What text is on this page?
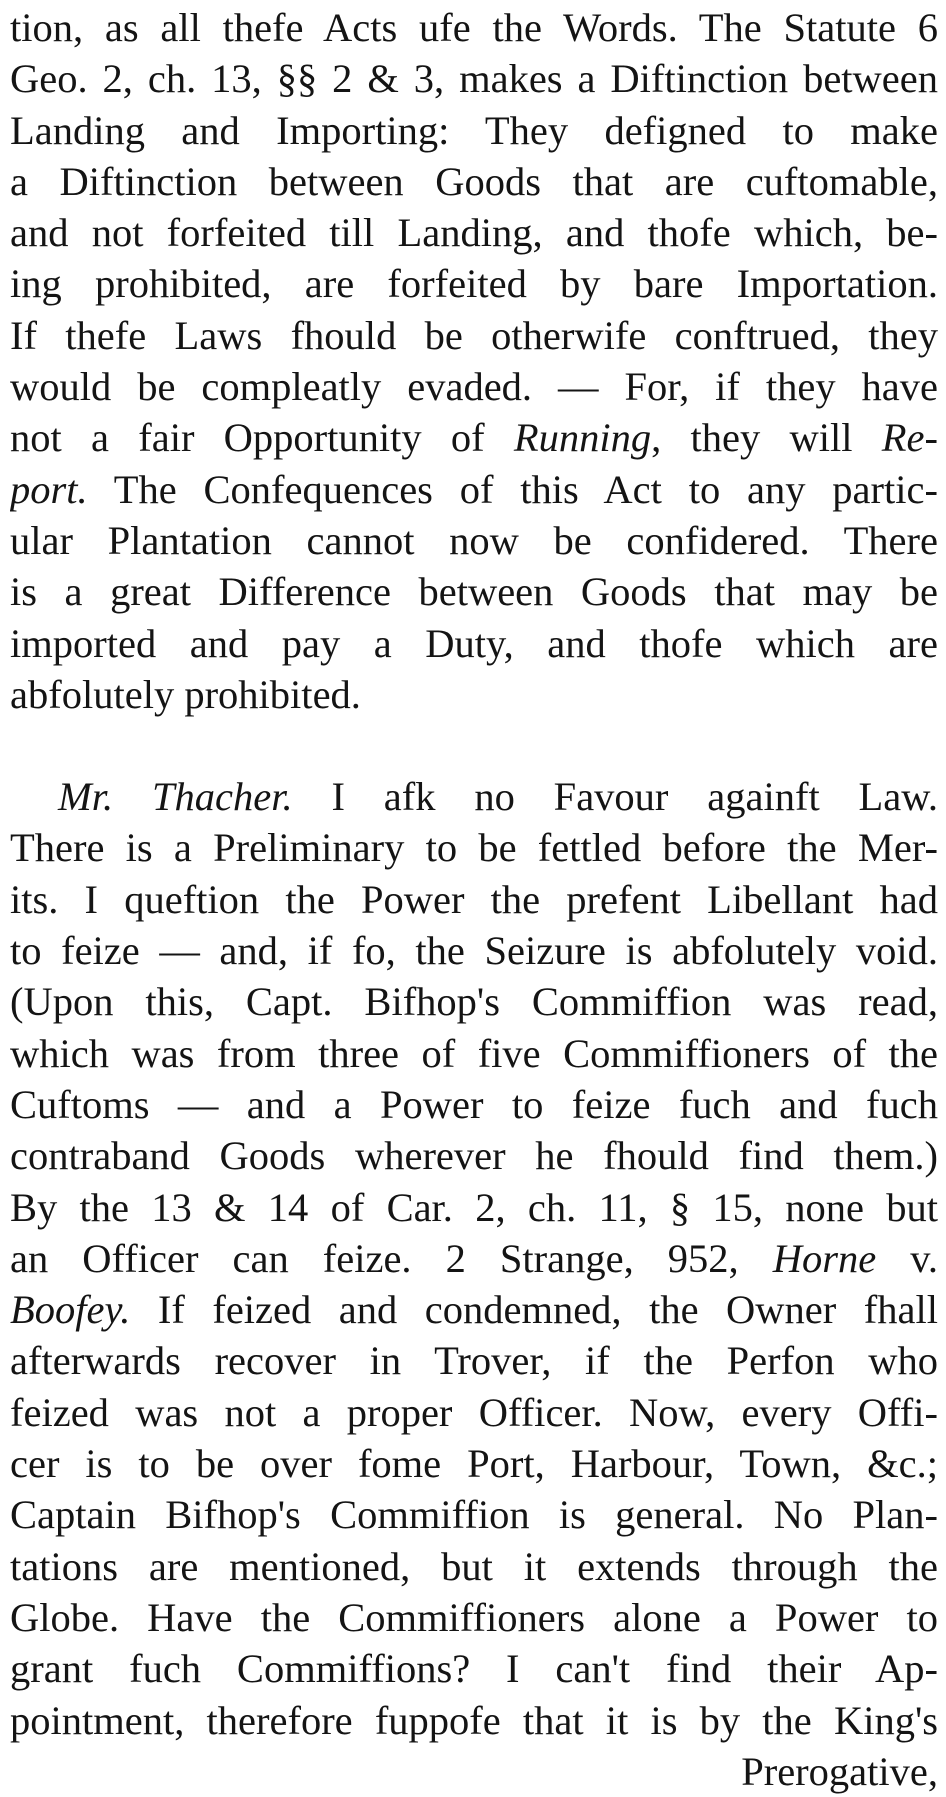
tion, as all thefe Acts ufe the Words. The Statute 6
Geo. 2, ch. 13, §§ 2 & 3, makes a Diftinction between
Landing and Importing: They defigned to make
a Diftinction between Goods that are cuftomable,
and not forfeited till Landing, and thofe which, be-
ing prohibited, are forfeited by bare Importation.
If thefe Laws fhould be otherwife conftrued, they
would be compleatly evaded. — For, if they have
not a fair Opportunity of Running, they will Re-
port. The Confequences of this Act to any partic-
ular Plantation cannot now be confidered. There
is a great Difference between Goods that may be
imported and pay a Duty, and thofe which are
abfolutely prohibited.
Mr. Thacher. I afk no Favour againft Law.
There is a Preliminary to be fettled before the Mer-
its. I queftion the Power the prefent Libellant had
to feize — and, if fo, the Seizure is abfolutely void.
(Upon this, Capt. Bifhop's Commiffion was read,
which was from three of five Commiffioners of the
Cuftoms — and a Power to feize fuch and fuch
contraband Goods wherever he fhould find them.)
By the 13 & 14 of Car. 2, ch. 11, § 15, none but
an Officer can feize. 2 Strange, 952, Horne v.
Boofey. If feized and condemned, the Owner fhall
afterwards recover in Trover, if the Perfon who
feized was not a proper Officer. Now, every Offi-
cer is to be over fome Port, Harbour, Town, &c.;
Captain Bifhop's Commiffion is general. No Plan-
tations are mentioned, but it extends through the
Globe. Have the Commiffioners alone a Power to
grant fuch Commiffions? I can't find their Ap-
pointment, therefore fuppofe that it is by the King's
Prerogative,
